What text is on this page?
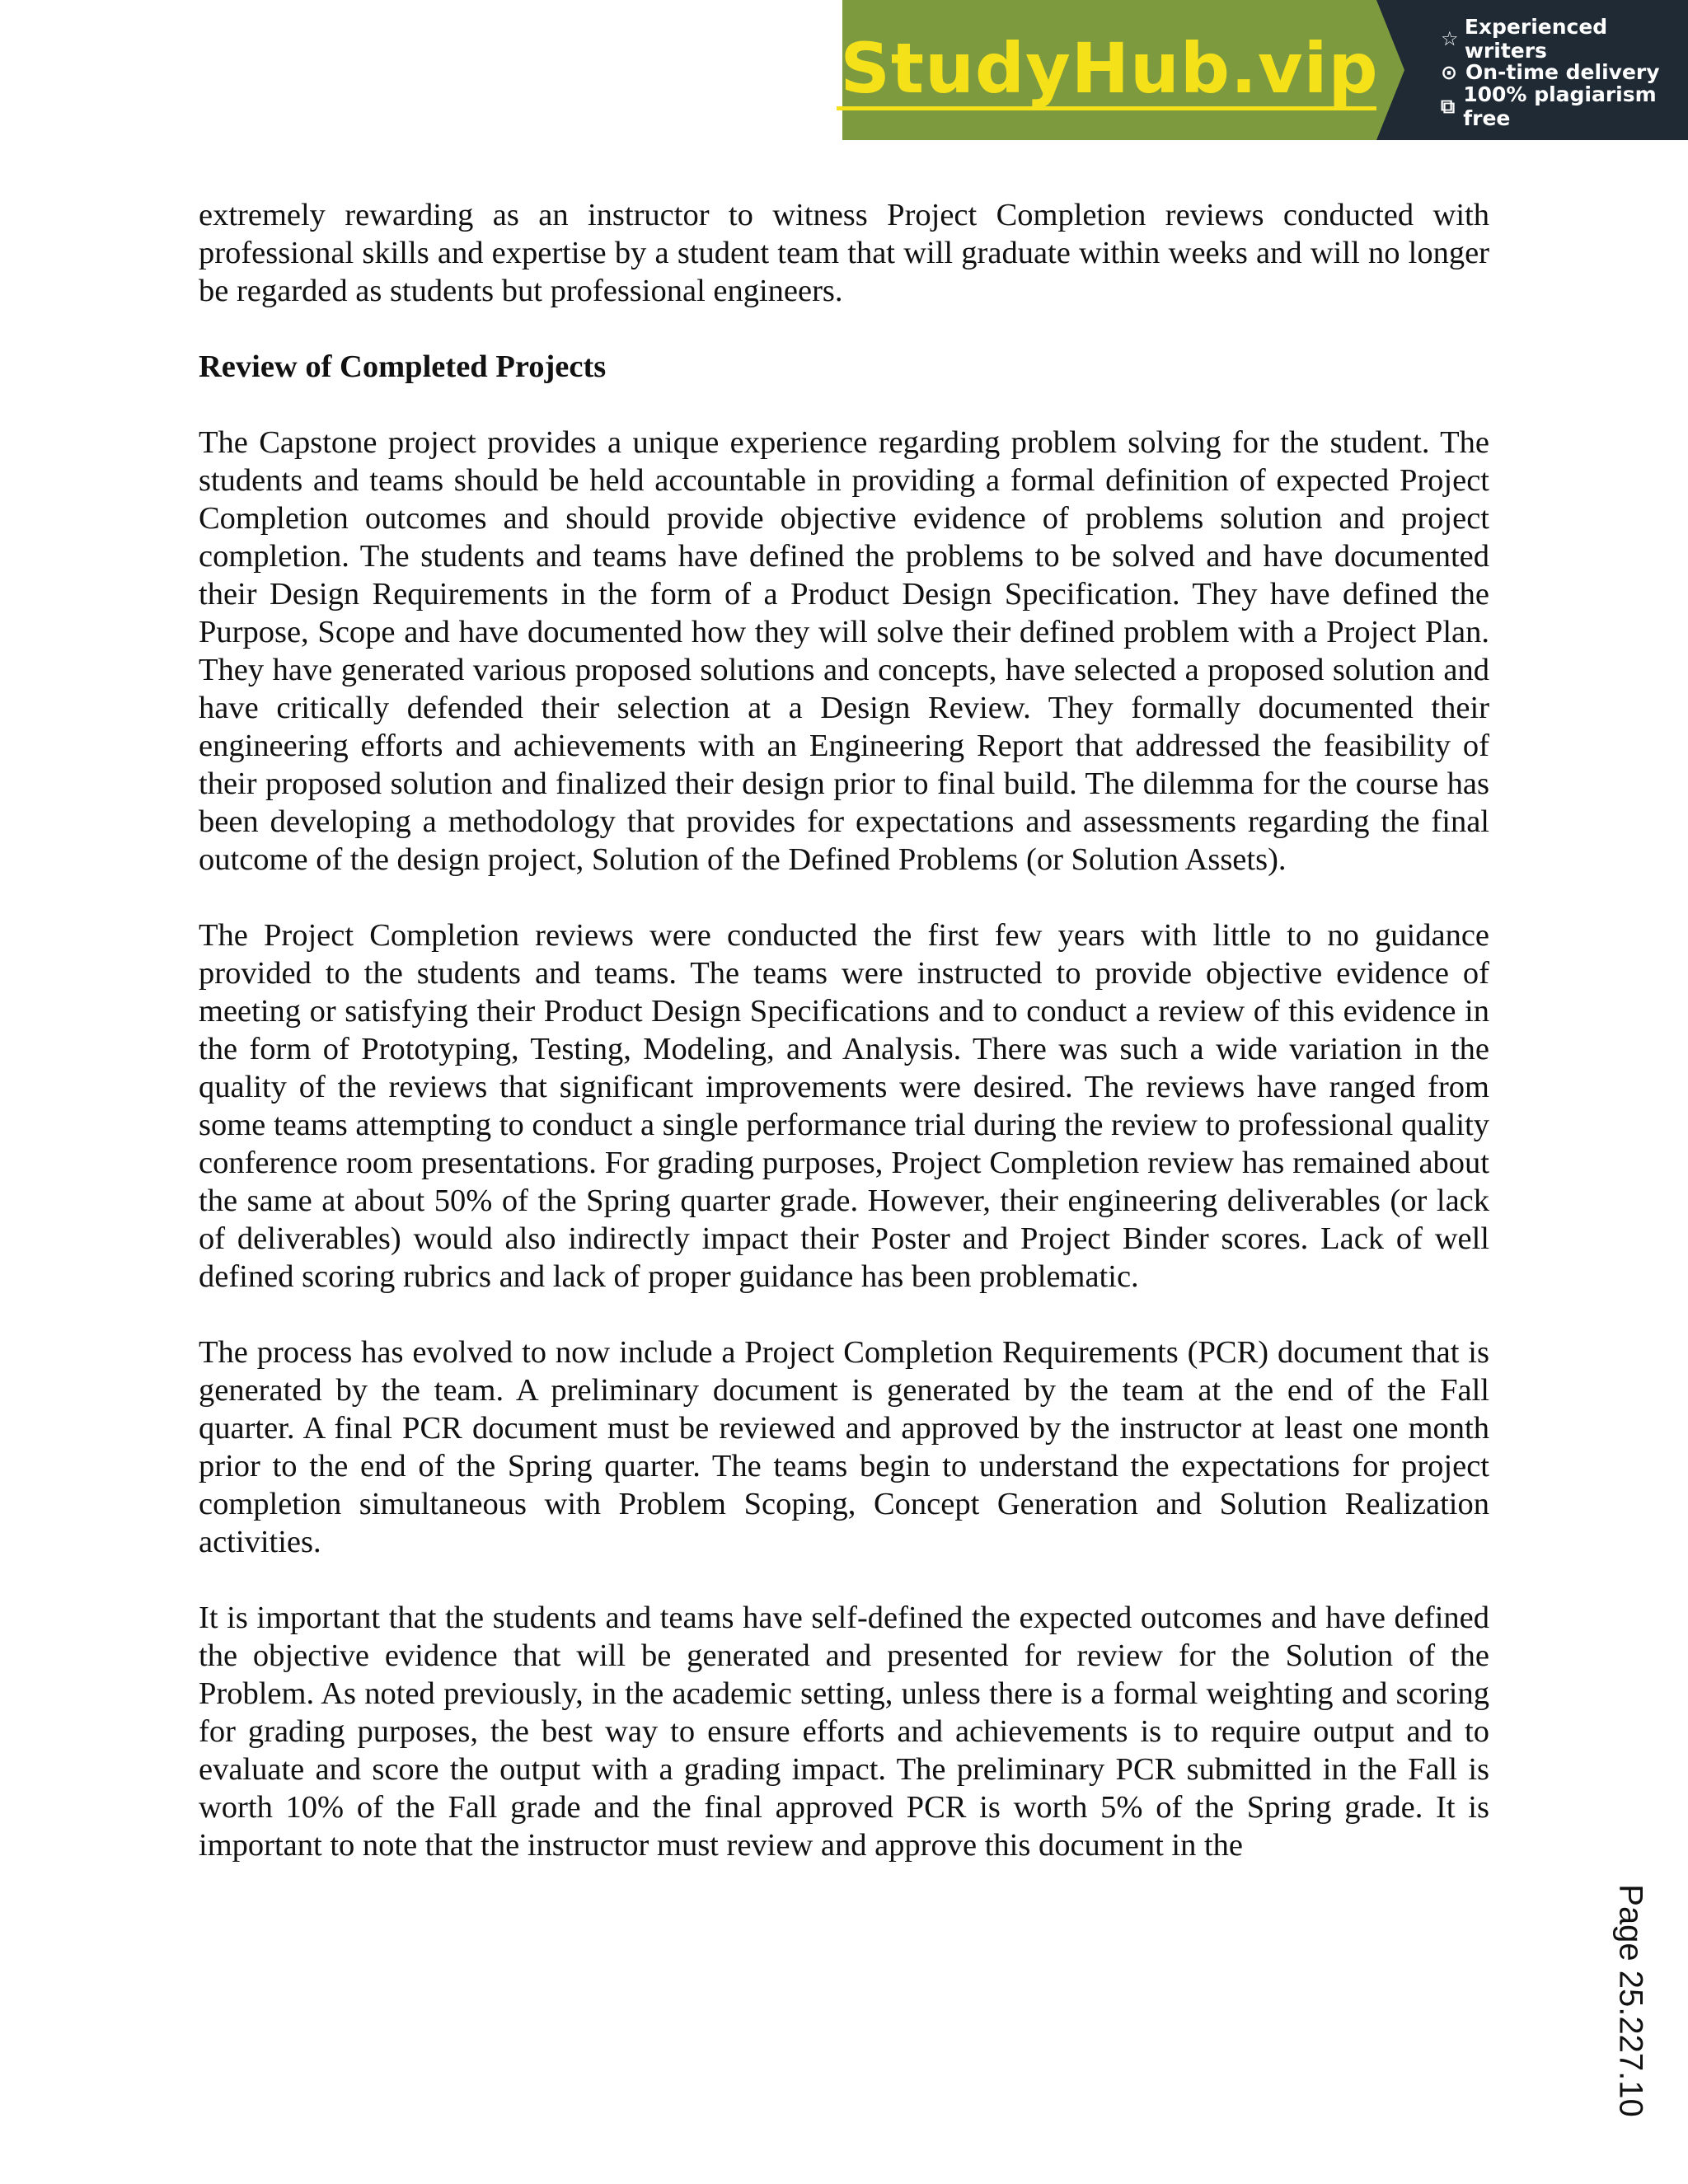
StudyHub.vip	☆ Experienced writers
⊙ On-time delivery
⧉ 100% plagiarism free

extremely rewarding as an instructor to witness Project Completion reviews conducted with professional skills and expertise by a student team that will graduate within weeks and will no longer be regarded as students but professional engineers.

Review of Completed Projects

The Capstone project provides a unique experience regarding problem solving for the student. The students and teams should be held accountable in providing a formal definition of expected Project Completion outcomes and should provide objective evidence of problems solution and project completion. The students and teams have defined the problems to be solved and have documented their Design Requirements in the form of a Product Design Specification. They have defined the Purpose, Scope and have documented how they will solve their defined problem with a Project Plan. They have generated various proposed solutions and concepts, have selected a proposed solution and have critically defended their selection at a Design Review. They formally documented their engineering efforts and achievements with an Engineering Report that addressed the feasibility of their proposed solution and finalized their design prior to final build. The dilemma for the course has been developing a methodology that provides for expectations and assessments regarding the final outcome of the design project, Solution of the Defined Problems (or Solution Assets).

The Project Completion reviews were conducted the first few years with little to no guidance provided to the students and teams. The teams were instructed to provide objective evidence of meeting or satisfying their Product Design Specifications and to conduct a review of this evidence in the form of Prototyping, Testing, Modeling, and Analysis. There was such a wide variation in the quality of the reviews that significant improvements were desired. The reviews have ranged from some teams attempting to conduct a single performance trial during the review to professional quality conference room presentations. For grading purposes, Project Completion review has remained about the same at about 50% of the Spring quarter grade. However, their engineering deliverables (or lack of deliverables) would also indirectly impact their Poster and Project Binder scores. Lack of well defined scoring rubrics and lack of proper guidance has been problematic.

The process has evolved to now include a Project Completion Requirements (PCR) document that is generated by the team. A preliminary document is generated by the team at the end of the Fall quarter. A final PCR document must be reviewed and approved by the instructor at least one month prior to the end of the Spring quarter. The teams begin to understand the expectations for project completion simultaneous with Problem Scoping, Concept Generation and Solution Realization activities.

It is important that the students and teams have self-defined the expected outcomes and have defined the objective evidence that will be generated and presented for review for the Solution of the Problem. As noted previously, in the academic setting, unless there is a formal weighting and scoring for grading purposes, the best way to ensure efforts and achievements is to require output and to evaluate and score the output with a grading impact. The preliminary PCR submitted in the Fall is worth 10% of the Fall grade and the final approved PCR is worth 5% of the Spring grade. It is important to note that the instructor must review and approve this document in the

Page 25.227.10
